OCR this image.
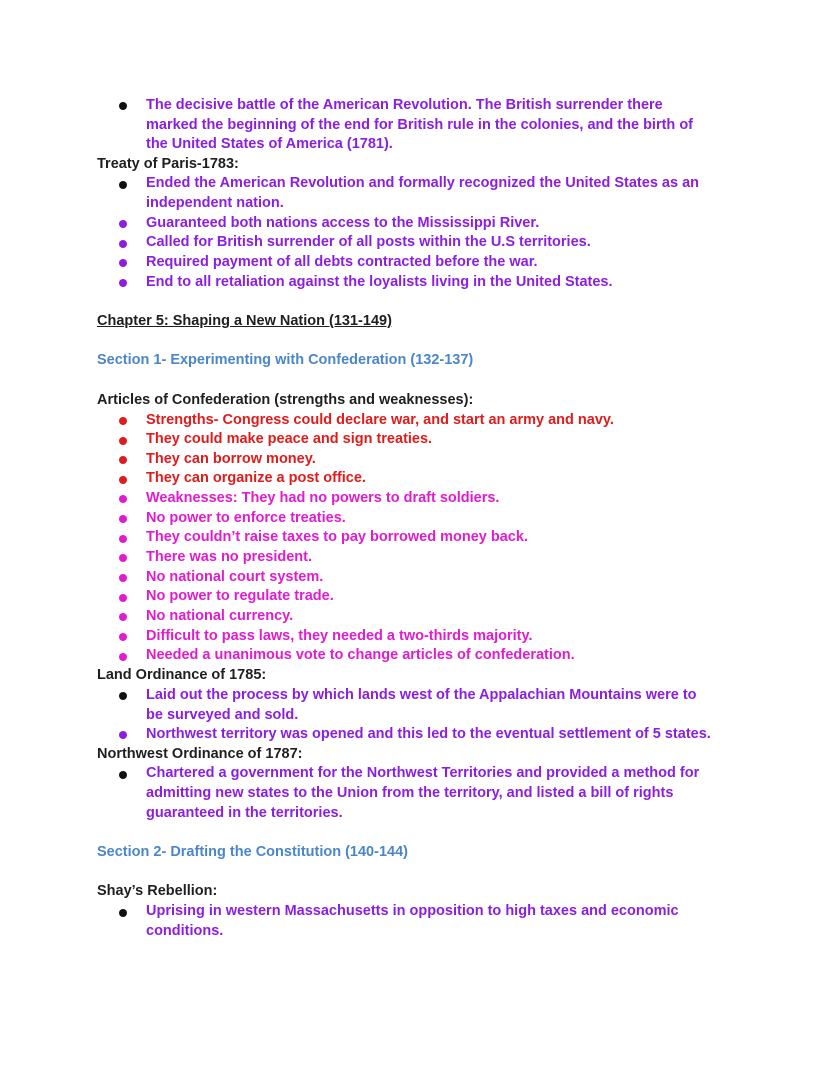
The decisive battle of the American Revolution. The British surrender there
marked the beginning of the end for British rule in the colonies, and the birth of
the United States of America (1781).
Treaty of Paris-1783:
Ended the American Revolution and formally recognized the United States as an
independent nation.
Guaranteed both nations access to the Mississippi River.
Called for British surrender of all posts within the U.S territories.
Required payment of all debts contracted before the war.
End to all retaliation against the loyalists living in the United States.
Chapter 5: Shaping a New Nation (131-149)
Section 1- Experimenting with Confederation (132-137)
Articles of Confederation (strengths and weaknesses):
Strengths- Congress could declare war, and start an army and navy.
They could make peace and sign treaties.
They can borrow money.
They can organize a post office.
Weaknesses: They had no powers to draft soldiers.
No power to enforce treaties.
They couldn’t raise taxes to pay borrowed money back.
There was no president.
No national court system.
No power to regulate trade.
No national currency.
Difficult to pass laws, they needed a two-thirds majority.
Needed a unanimous vote to change articles of confederation.
Land Ordinance of 1785:
Laid out the process by which lands west of the Appalachian Mountains were to
be surveyed and sold.
Northwest territory was opened and this led to the eventual settlement of 5 states.
Northwest Ordinance of 1787:
Chartered a government for the Northwest Territories and provided a method for
admitting new states to the Union from the territory, and listed a bill of rights
guaranteed in the territories.
Section 2- Drafting the Constitution (140-144)
Shay’s Rebellion:
Uprising in western Massachusetts in opposition to high taxes and economic
conditions.
